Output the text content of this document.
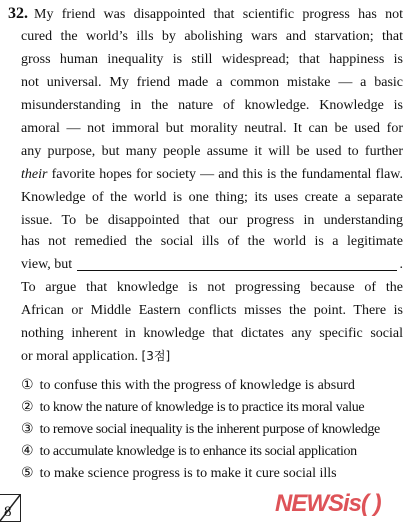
32. My friend was disappointed that scientific progress has not
cured the world’s ills by abolishing wars and starvation; that
gross human inequality is still widespread; that happiness is
not universal. My friend made a common mistake — a basic
misunderstanding in the nature of knowledge. Knowledge is
amoral — not immoral but morality neutral. It can be used for
any purpose, but many people assume it will be used to further
their favorite hopes for society — and this is the fundamental flaw.
Knowledge of the world is one thing; its uses create a separate
issue. To be disappointed that our progress in understanding
has not remedied the social ills of the world is a legitimate
view, but	.
To argue that knowledge is not progressing because of the
African or Middle Eastern conflicts misses the point. There is
nothing inherent in knowledge that dictates any specific social
or moral application. [3점]
① to confuse this with the progress of knowledge is absurd
② to know the nature of knowledge is to practice its moral value
③ to remove social inequality is the inherent purpose of knowledge
④ to accumulate knowledge is to enhance its social application
⑤ to make science progress is to make it cure social ills
8	NEWSis( )
